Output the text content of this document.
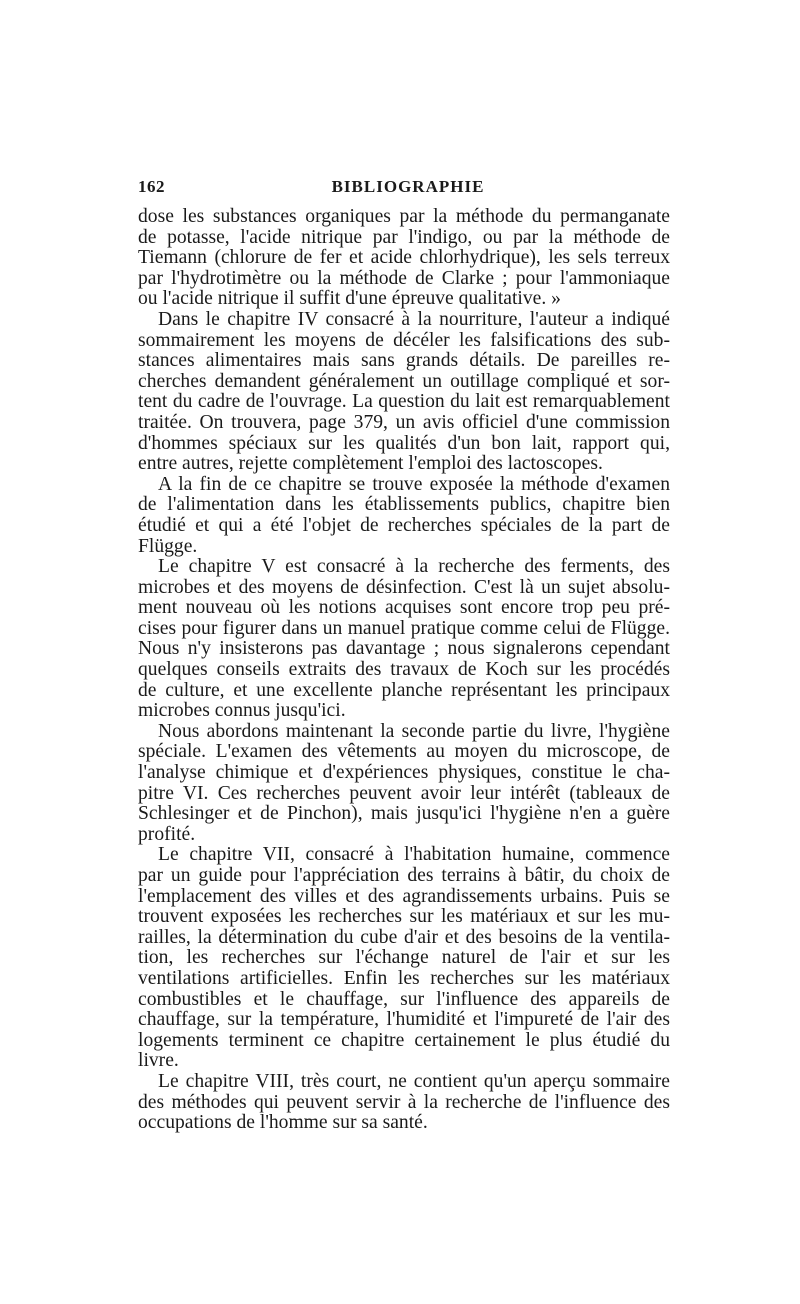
162	BIBLIOGRAPHIE
dose les substances organiques par la méthode du permanganate
de potasse, l'acide nitrique par l'indigo, ou par la méthode de
Tiemann (chlorure de fer et acide chlorhydrique), les sels terreux
par l'hydrotimètre ou la méthode de Clarke ; pour l'ammoniaque
ou l'acide nitrique il suffit d'une épreuve qualitative. »
Dans le chapitre IV consacré à la nourriture, l'auteur a indiqué
sommairement les moyens de décéler les falsifications des sub-
stances alimentaires mais sans grands détails. De pareilles re-
cherches demandent généralement un outillage compliqué et sor-
tent du cadre de l'ouvrage. La question du lait est remarquablement
traitée. On trouvera, page 379, un avis officiel d'une commission
d'hommes spéciaux sur les qualités d'un bon lait, rapport qui,
entre autres, rejette complètement l'emploi des lactoscopes.
A la fin de ce chapitre se trouve exposée la méthode d'examen
de l'alimentation dans les établissements publics, chapitre bien
étudié et qui a été l'objet de recherches spéciales de la part de
Flügge.
Le chapitre V est consacré à la recherche des ferments, des
microbes et des moyens de désinfection. C'est là un sujet absolu-
ment nouveau où les notions acquises sont encore trop peu pré-
cises pour figurer dans un manuel pratique comme celui de Flügge.
Nous n'y insisterons pas davantage ; nous signalerons cependant
quelques conseils extraits des travaux de Koch sur les procédés
de culture, et une excellente planche représentant les principaux
microbes connus jusqu'ici.
Nous abordons maintenant la seconde partie du livre, l'hygiène
spéciale. L'examen des vêtements au moyen du microscope, de
l'analyse chimique et d'expériences physiques, constitue le cha-
pitre VI. Ces recherches peuvent avoir leur intérêt (tableaux de
Schlesinger et de Pinchon), mais jusqu'ici l'hygiène n'en a guère
profité.
Le chapitre VII, consacré à l'habitation humaine, commence
par un guide pour l'appréciation des terrains à bâtir, du choix de
l'emplacement des villes et des agrandissements urbains. Puis se
trouvent exposées les recherches sur les matériaux et sur les mu-
railles, la détermination du cube d'air et des besoins de la ventila-
tion, les recherches sur l'échange naturel de l'air et sur les
ventilations artificielles. Enfin les recherches sur les matériaux
combustibles et le chauffage, sur l'influence des appareils de
chauffage, sur la température, l'humidité et l'impureté de l'air des
logements terminent ce chapitre certainement le plus étudié du
livre.
Le chapitre VIII, très court, ne contient qu'un aperçu sommaire
des méthodes qui peuvent servir à la recherche de l'influence des
occupations de l'homme sur sa santé.
